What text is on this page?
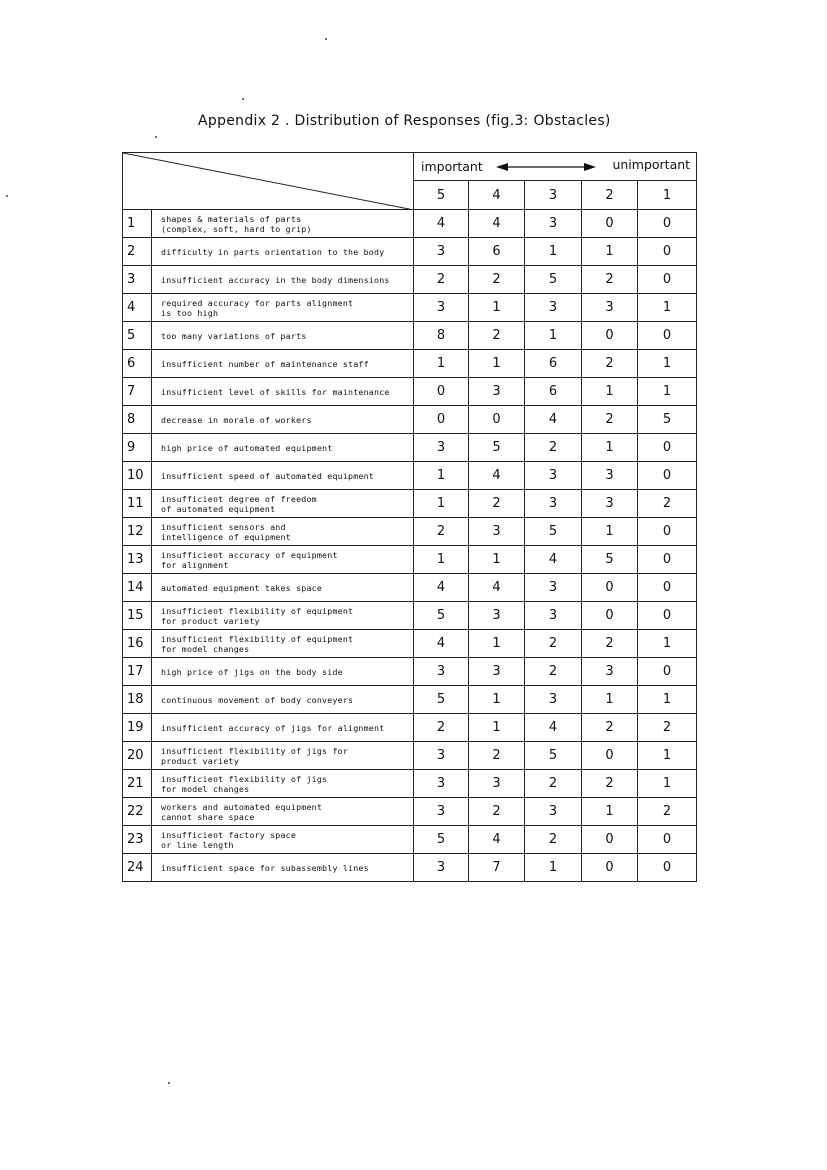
Appendix 2 . Distribution of Responses (fig.3: Obstacles)

important unimportant				

		5	4	3	2	1
1	shapes & materials of parts
(complex, soft, hard to grip)	4	4	3	0	0
2	difficulty in parts orientation to the body	3	6	1	1	0
3	insufficient accuracy in the body dimensions	2	2	5	2	0
4	required accuracy for parts alignment
is too high	3	1	3	3	1
5	too many variations of parts	8	2	1	0	0
6	insufficient number of maintenance staff	1	1	6	2	1
7	insufficient level of skills for maintenance	0	3	6	1	1
8	decrease in morale of workers	0	0	4	2	5
9	high price of automated equipment	3	5	2	1	0
10	insufficient speed of automated equipment	1	4	3	3	0
11	insufficient degree of freedom
of automated equipment	1	2	3	3	2
12	insufficient sensors and
intelligence of equipment	2	3	5	1	0
13	insufficient accuracy of equipment
for alignment	1	1	4	5	0
14	automated equipment takes space	4	4	3	0	0
15	insufficient flexibility of equipment
for product variety	5	3	3	0	0
16	insufficient flexibility of equipment
for model changes	4	1	2	2	1
17	high price of jigs on the body side	3	3	2	3	0
18	continuous movement of body conveyers	5	1	3	1	1
19	insufficient accuracy of jigs for alignment	2	1	4	2	2
20	insufficient flexibility of jigs for
product variety	3	2	5	0	1
21	insufficient flexibility of jigs
for model changes	3	3	2	2	1
22	workers and automated equipment
cannot share space	3	2	3	1	2
23	insufficient factory space
or line length	5	4	2	0	0
24	insufficient space for subassembly lines	3	7	1	0	0
